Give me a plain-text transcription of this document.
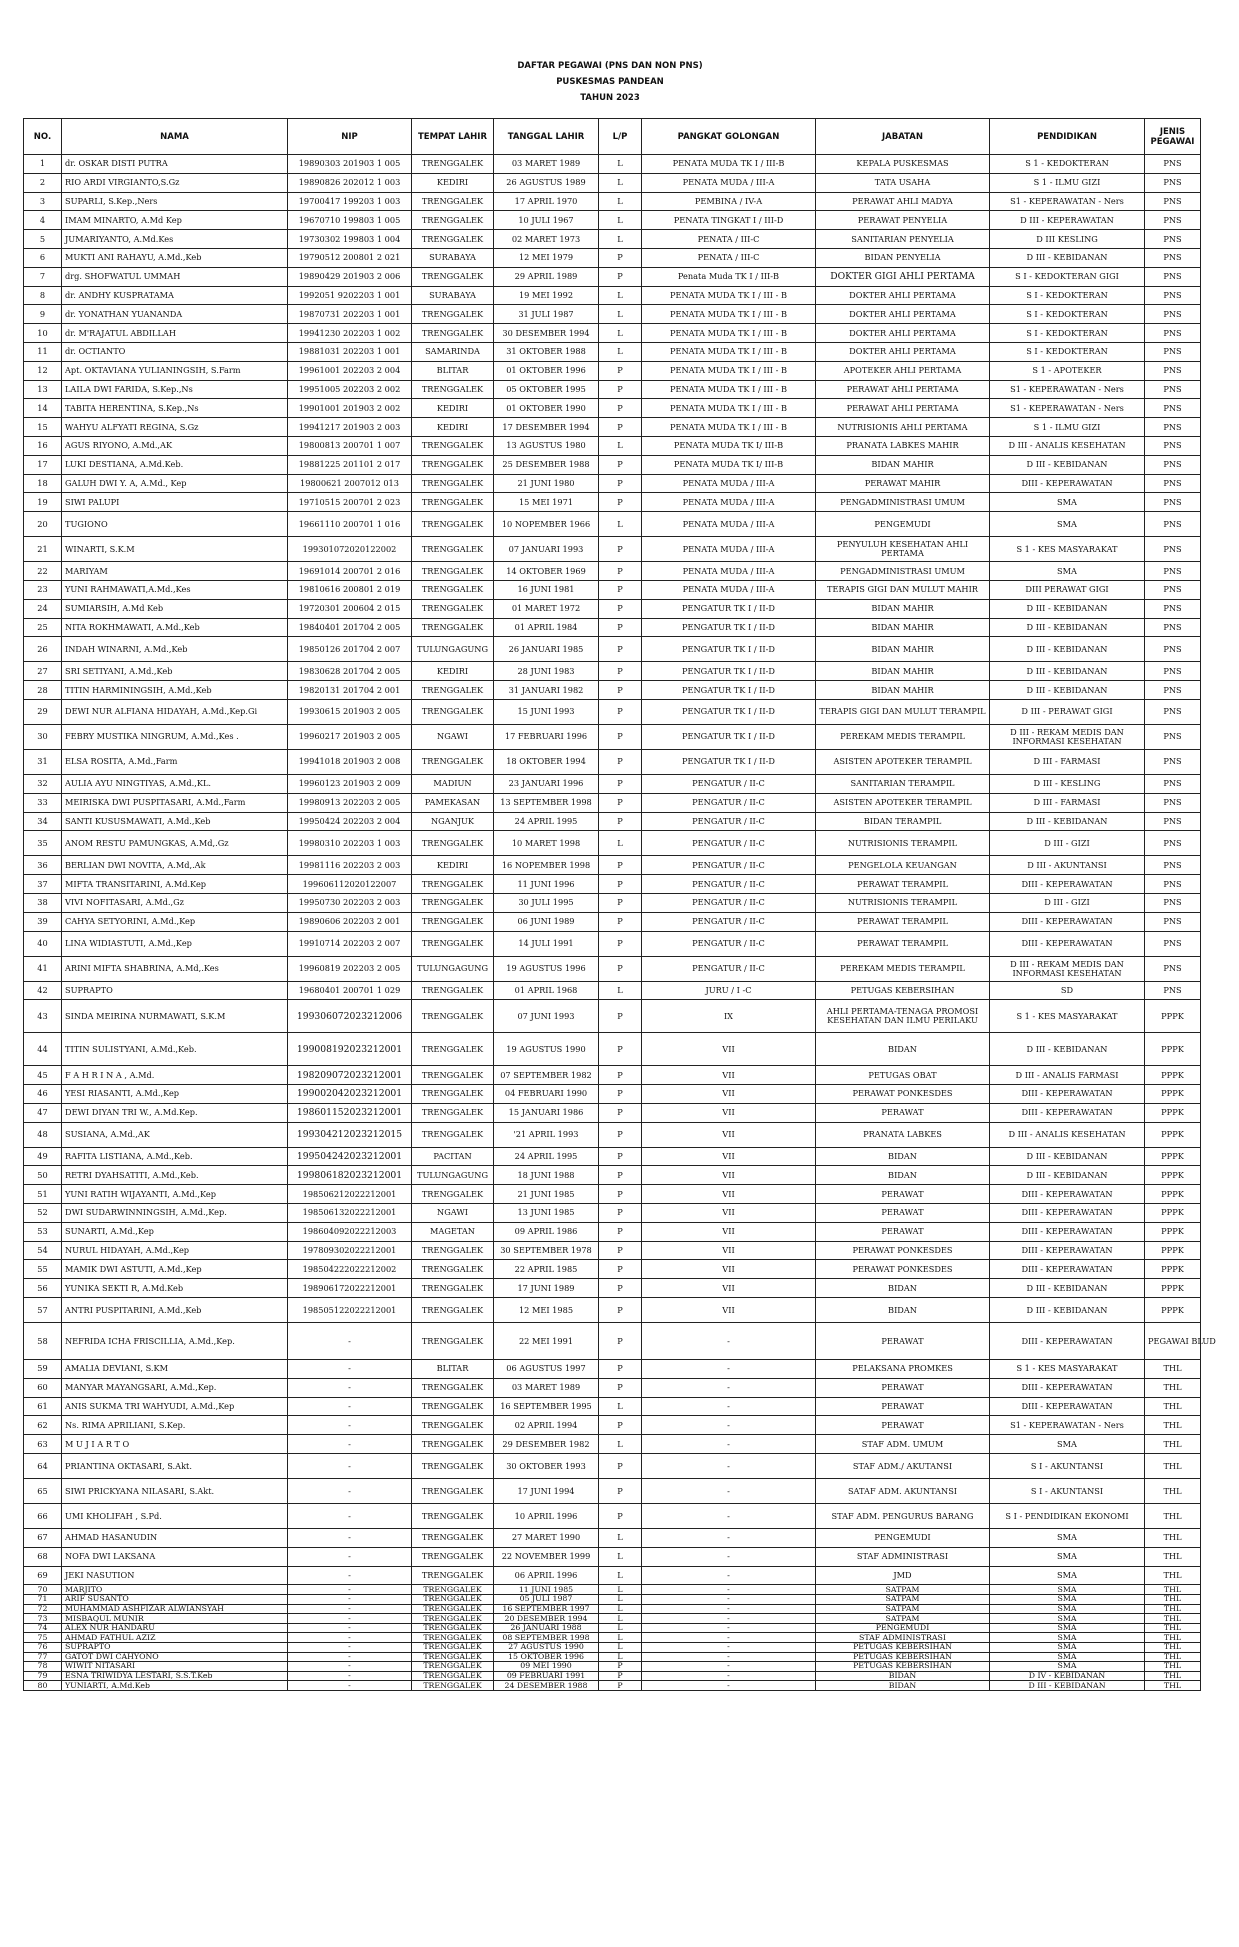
DAFTAR PEGAWAI (PNS DAN NON PNS)
PUSKESMAS PANDEAN
TAHUN 2023
NO.	NAMA	NIP	TEMPAT LAHIR	TANGGAL LAHIR	L/P	PANGKAT GOLONGAN	JABATAN	PENDIDIKAN	JENIS PEGAWAI
1	dr. OSKAR DISTI PUTRA	19890303 201903 1 005	TRENGGALEK	03 MARET 1989	L	PENATA MUDA TK I / III-B	KEPALA PUSKESMAS	S 1 - KEDOKTERAN	PNS
2	RIO ARDI VIRGIANTO,S.Gz	19890826 202012 1 003	KEDIRI	26 AGUSTUS 1989	L	PENATA MUDA / III-A	TATA USAHA	S 1 - ILMU GIZI	PNS
3	SUPARLI, S.Kep.,Ners	19700417 199203 1 003	TRENGGALEK	17 APRIL 1970	L	PEMBINA / IV-A	PERAWAT AHLI MADYA	S1 - KEPERAWATAN - Ners	PNS
4	IMAM MINARTO, A.Md Kep	19670710 199803 1 005	TRENGGALEK	10 JULI 1967	L	PENATA TINGKAT I / III-D	PERAWAT PENYELIA	D III - KEPERAWATAN	PNS
5	JUMARIYANTO, A.Md.Kes	19730302 199803 1 004	TRENGGALEK	02 MARET 1973	L	PENATA / III-C	SANITARIAN PENYELIA	D III KESLING	PNS
6	MUKTI ANI RAHAYU, A.Md.,Keb	19790512 200801 2 021	SURABAYA	12 MEI 1979	P	PENATA / III-C	BIDAN PENYELIA	D III - KEBIDANAN	PNS
7	drg. SHOFWATUL UMMAH	19890429 201903 2 006	TRENGGALEK	29 APRIL 1989	P	Penata Muda TK I / III-B	DOKTER GIGI AHLI PERTAMA	S I - KEDOKTERAN GIGI	PNS
8	dr. ANDHY KUSPRATAMA	1992051 9202203 1 001	SURABAYA	19 MEI 1992	L	PENATA MUDA TK I / III - B	DOKTER AHLI PERTAMA	S I - KEDOKTERAN	PNS
9	dr. YONATHAN YUANANDA	19870731 202203 1 001	TRENGGALEK	31 JULI 1987	L	PENATA MUDA TK I / III - B	DOKTER AHLI PERTAMA	S I - KEDOKTERAN	PNS
10	dr. M'RAJATUL ABDILLAH	19941230 202203 1 002	TRENGGALEK	30 DESEMBER 1994	L	PENATA MUDA TK I / III - B	DOKTER AHLI PERTAMA	S I - KEDOKTERAN	PNS
11	dr. OCTIANTO	19881031 202203 1 001	SAMARINDA	31 OKTOBER 1988	L	PENATA MUDA TK I / III - B	DOKTER AHLI PERTAMA	S I - KEDOKTERAN	PNS
12	Apt. OKTAVIANA YULIANINGSIH, S.Farm	19961001 202203 2 004	BLITAR	01 OKTOBER 1996	P	PENATA MUDA TK I / III - B	APOTEKER AHLI PERTAMA	S 1 - APOTEKER	PNS
13	LAILA DWI FARIDA, S.Kep.,Ns	19951005 202203 2 002	TRENGGALEK	05 OKTOBER 1995	P	PENATA MUDA TK I / III - B	PERAWAT AHLI PERTAMA	S1 - KEPERAWATAN - Ners	PNS
14	TABITA HERENTINA, S.Kep.,Ns	19901001 201903 2 002	KEDIRI	01 OKTOBER 1990	P	PENATA MUDA TK I / III - B	PERAWAT AHLI PERTAMA	S1 - KEPERAWATAN - Ners	PNS
15	WAHYU ALFYATI REGINA, S.Gz	19941217 201903 2 003	KEDIRI	17 DESEMBER 1994	P	PENATA MUDA TK I / III - B	NUTRISIONIS AHLI PERTAMA	S 1 - ILMU GIZI	PNS
16	AGUS RIYONO, A.Md.,AK	19800813 200701 1 007	TRENGGALEK	13 AGUSTUS 1980	L	PENATA MUDA TK I/ III-B	PRANATA LABKES MAHIR	D III - ANALIS KESEHATAN	PNS
17	LUKI DESTIANA, A.Md.Keb.	19881225 201101 2 017	TRENGGALEK	25 DESEMBER 1988	P	PENATA MUDA TK I/ III-B	BIDAN MAHIR	D III - KEBIDANAN	PNS
18	GALUH DWI Y. A, A.Md., Kep	19800621 2007012 013	TRENGGALEK	21 JUNI 1980	P	PENATA MUDA / III-A	PERAWAT MAHIR	DIII - KEPERAWATAN	PNS
19	SIWI PALUPI	19710515 200701 2 023	TRENGGALEK	15 MEI 1971	P	PENATA MUDA / III-A	PENGADMINISTRASI UMUM	SMA	PNS
20	TUGIONO	19661110 200701 1 016	TRENGGALEK	10 NOPEMBER 1966	L	PENATA MUDA / III-A	PENGEMUDI	SMA	PNS
21	WINARTI, S.K.M	199301072020122002	TRENGGALEK	07 JANUARI 1993	P	PENATA MUDA / III-A	PENYULUH KESEHATAN AHLI PERTAMA	S 1 - KES MASYARAKAT	PNS
22	MARIYAM	19691014 200701 2 016	TRENGGALEK	14 OKTOBER 1969	P	PENATA MUDA / III-A	PENGADMINISTRASI UMUM	SMA	PNS
23	YUNI RAHMAWATI,A.Md.,Kes	19810616 200801 2 019	TRENGGALEK	16 JUNI 1981	P	PENATA MUDA / III-A	TERAPIS GIGI DAN MULUT MAHIR	DIII PERAWAT GIGI	PNS
24	SUMIARSIH, A.Md Keb	19720301 200604 2 015	TRENGGALEK	01 MARET 1972	P	PENGATUR TK I / II-D	BIDAN MAHIR	D III - KEBIDANAN	PNS
25	NITA ROKHMAWATI, A.Md.,Keb	19840401 201704 2 005	TRENGGALEK	01 APRIL 1984	P	PENGATUR TK I / II-D	BIDAN MAHIR	D III - KEBIDANAN	PNS
26	INDAH WINARNI, A.Md.,Keb	19850126 201704 2 007	TULUNGAGUNG	26 JANUARI 1985	P	PENGATUR TK I / II-D	BIDAN MAHIR	D III - KEBIDANAN	PNS
27	SRI SETIYANI, A.Md.,Keb	19830628 201704 2 005	KEDIRI	28 JUNI 1983	P	PENGATUR TK I / II-D	BIDAN MAHIR	D III - KEBIDANAN	PNS
28	TITIN HARMININGSIH, A.Md.,Keb	19820131 201704 2 001	TRENGGALEK	31 JANUARI 1982	P	PENGATUR TK I / II-D	BIDAN MAHIR	D III - KEBIDANAN	PNS
29	DEWI NUR ALFIANA HIDAYAH, A.Md.,Kep.Gi	19930615 201903 2 005	TRENGGALEK	15 JUNI 1993	P	PENGATUR TK I / II-D	TERAPIS GIGI DAN MULUT TERAMPIL	D III - PERAWAT GIGI	PNS
30	FEBRY MUSTIKA NINGRUM, A.Md.,Kes .	19960217 201903 2 005	NGAWI	17 FEBRUARI 1996	P	PENGATUR TK I / II-D	PEREKAM MEDIS TERAMPIL	D III - REKAM MEDIS DAN INFORMASI KESEHATAN	PNS
31	ELSA ROSITA, A.Md.,Farm	19941018 201903 2 008	TRENGGALEK	18 OKTOBER 1994	P	PENGATUR TK I / II-D	ASISTEN APOTEKER TERAMPIL	D III - FARMASI	PNS
32	AULIA AYU NINGTIYAS, A.Md.,KL.	19960123 201903 2 009	MADIUN	23 JANUARI 1996	P	PENGATUR / II-C	SANITARIAN TERAMPIL	D III - KESLING	PNS
33	MEIRISKA DWI PUSPITASARI, A.Md.,Farm	19980913 202203 2 005	PAMEKASAN	13 SEPTEMBER 1998	P	PENGATUR / II-C	ASISTEN APOTEKER TERAMPIL	D III - FARMASI	PNS
34	SANTI KUSUSMAWATI, A.Md.,Keb	19950424 202203 2 004	NGANJUK	24 APRIL 1995	P	PENGATUR / II-C	BIDAN TERAMPIL	D III - KEBIDANAN	PNS
35	ANOM RESTU PAMUNGKAS, A.Md,.Gz	19980310 202203 1 003	TRENGGALEK	10 MARET 1998	L	PENGATUR / II-C	NUTRISIONIS TERAMPIL	D III - GIZI	PNS
36	BERLIAN DWI NOVITA, A.Md,.Ak	19981116 202203 2 003	KEDIRI	16 NOPEMBER 1998	P	PENGATUR / II-C	PENGELOLA KEUANGAN	D III - AKUNTANSI	PNS
37	MIFTA TRANSITARINI, A.Md.Kep	199606112020122007	TRENGGALEK	11 JUNI 1996	P	PENGATUR / II-C	PERAWAT TERAMPIL	DIII - KEPERAWATAN	PNS
38	VIVI NOFITASARI, A.Md.,Gz	19950730 202203 2 003	TRENGGALEK	30 JULI 1995	P	PENGATUR / II-C	NUTRISIONIS TERAMPIL	D III - GIZI	PNS
39	CAHYA SETYORINI, A.Md.,Kep	19890606 202203 2 001	TRENGGALEK	06 JUNI 1989	P	PENGATUR / II-C	PERAWAT TERAMPIL	DIII - KEPERAWATAN	PNS
40	LINA WIDIASTUTI, A.Md.,Kep	19910714 202203 2 007	TRENGGALEK	14 JULI 1991	P	PENGATUR / II-C	PERAWAT TERAMPIL	DIII - KEPERAWATAN	PNS
41	ARINI MIFTA SHABRINA, A.Md,.Kes	19960819 202203 2 005	TULUNGAGUNG	19 AGUSTUS 1996	P	PENGATUR / II-C	PEREKAM MEDIS TERAMPIL	D III - REKAM MEDIS DAN INFORMASI KESEHATAN	PNS
42	SUPRAPTO	19680401 200701 1 029	TRENGGALEK	01 APRIL 1968	L	JURU / I -C	PETUGAS KEBERSIHAN	SD	PNS
43	SINDA MEIRINA NURMAWATI, S.K.M	199306072023212006	TRENGGALEK	07 JUNI 1993	P	IX	AHLI PERTAMA-TENAGA PROMOSI KESEHATAN DAN ILMU PERILAKU	S 1 - KES MASYARAKAT	PPPK
44	TITIN SULISTYANI, A.Md.,Keb.	199008192023212001	TRENGGALEK	19 AGUSTUS 1990	P	VII	BIDAN	D III - KEBIDANAN	PPPK
45	F A H R I N A , A.Md.	198209072023212001	TRENGGALEK	07 SEPTEMBER 1982	P	VII	PETUGAS OBAT	D III - ANALIS FARMASI	PPPK
46	YESI RIASANTI, A.Md.,Kep	199002042023212001	TRENGGALEK	04 FEBRUARI 1990	P	VII	PERAWAT PONKESDES	DIII - KEPERAWATAN	PPPK
47	DEWI DIYAN TRI W., A.Md.Kep.	198601152023212001	TRENGGALEK	15 JANUARI 1986	P	VII	PERAWAT	DIII - KEPERAWATAN	PPPK
48	SUSIANA, A.Md.,AK	199304212023212015	TRENGGALEK	'21 APRIL 1993	P	VII	PRANATA LABKES	D III - ANALIS KESEHATAN	PPPK
49	RAFITA LISTIANA, A.Md.,Keb.	199504242023212001	PACITAN	24 APRIL 1995	P	VII	BIDAN	D III - KEBIDANAN	PPPK
50	RETRI DYAHSATITI, A.Md.,Keb.	199806182023212001	TULUNGAGUNG	18 JUNI 1988	P	VII	BIDAN	D III - KEBIDANAN	PPPK
51	YUNI RATIH WIJAYANTI, A.Md.,Kep	198506212022212001	TRENGGALEK	21 JUNI 1985	P	VII	PERAWAT	DIII - KEPERAWATAN	PPPK
52	DWI SUDARWINNINGSIH, A.Md.,Kep.	198506132022212001	NGAWI	13 JUNI 1985	P	VII	PERAWAT	DIII - KEPERAWATAN	PPPK
53	SUNARTI, A.Md.,Kep	198604092022212003	MAGETAN	09 APRIL 1986	P	VII	PERAWAT	DIII - KEPERAWATAN	PPPK
54	NURUL HIDAYAH, A.Md.,Kep	197809302022212001	TRENGGALEK	30 SEPTEMBER 1978	P	VII	PERAWAT PONKESDES	DIII - KEPERAWATAN	PPPK
55	MAMIK DWI ASTUTI, A.Md.,Kep	198504222022212002	TRENGGALEK	22 APRIL 1985	P	VII	PERAWAT PONKESDES	DIII - KEPERAWATAN	PPPK
56	YUNIKA SEKTI R, A.Md.Keb	198906172022212001	TRENGGALEK	17 JUNI 1989	P	VII	BIDAN	D III - KEBIDANAN	PPPK
57	ANTRI PUSPITARINI, A.Md.,Keb	198505122022212001	TRENGGALEK	12 MEI 1985	P	VII	BIDAN	D III - KEBIDANAN	PPPK
58	NEFRIDA ICHA FRISCILLIA, A.Md.,Kep.	-	TRENGGALEK	22 MEI 1991	P	-	PERAWAT	DIII - KEPERAWATAN	PEGAWAI BLUD
59	AMALIA DEVIANI, S.KM	-	BLITAR	06 AGUSTUS 1997	P	-	PELAKSANA PROMKES	S 1 - KES MASYARAKAT	THL
60	MANYAR MAYANGSARI, A.Md.,Kep.	-	TRENGGALEK	03 MARET 1989	P	-	PERAWAT	DIII - KEPERAWATAN	THL
61	ANIS SUKMA TRI WAHYUDI, A.Md.,Kep	-	TRENGGALEK	16 SEPTEMBER 1995	L	-	PERAWAT	DIII - KEPERAWATAN	THL
62	Ns. RIMA APRILIANI, S.Kep.	-	TRENGGALEK	02 APRIL 1994	P	-	PERAWAT	S1 - KEPERAWATAN - Ners	THL
63	M U J I A R T O	-	TRENGGALEK	29 DESEMBER 1982	L	-	STAF ADM. UMUM	SMA	THL
64	PRIANTINA OKTASARI, S.Akt.	-	TRENGGALEK	30 OKTOBER 1993	P	-	STAF ADM./ AKUTANSI	S I - AKUNTANSI	THL
65	SIWI PRICKYANA NILASARI, S.Akt.	-	TRENGGALEK	17 JUNI 1994	P	-	SATAF ADM. AKUNTANSI	S I - AKUNTANSI	THL
66	UMI KHOLIFAH , S.Pd.	-	TRENGGALEK	10 APRIL 1996	P	-	STAF ADM. PENGURUS BARANG	S I - PENDIDIKAN EKONOMI	THL
67	AHMAD HASANUDIN	-	TRENGGALEK	27 MARET 1990	L	-	PENGEMUDI	SMA	THL
68	NOFA DWI LAKSANA	-	TRENGGALEK	22 NOVEMBER 1999	L	-	STAF ADMINISTRASI	SMA	THL
69	JEKI NASUTION	-	TRENGGALEK	06 APRIL 1996	L	-	JMD	SMA	THL
70	MARJITO	-	TRENGGALEK	11 JUNI 1985	L	-	SATPAM	SMA	THL
71	ARIF SUSANTO	-	TRENGGALEK	05 JULI 1987	L	-	SATPAM	SMA	THL
72	MUHAMMAD ASHFIZAR ALWIANSYAH	-	TRENGGALEK	16 SEPTEMBER 1997	L	-	SATPAM	SMA	THL
73	MISBAQUL MUNIR	-	TRENGGALEK	20 DESEMBER 1994	L	-	SATPAM	SMA	THL
74	ALEX NUR HANDARU	-	TRENGGALEK	26 JANUARI 1988	L	-	PENGEMUDI	SMA	THL
75	AHMAD FATHUL AZIZ	-	TRENGGALEK	08 SEPTEMBER 1998	L	-	STAF ADMINISTRASI	SMA	THL
76	SUPRAPTO	-	TRENGGALEK	27 AGUSTUS 1990	L	-	PETUGAS KEBERSIHAN	SMA	THL
77	GATOT DWI CAHYONO	-	TRENGGALEK	15 OKTOBER 1996	L	-	PETUGAS KEBERSIHAN	SMA	THL
78	WIWIT NITASARI	-	TRENGGALEK	09 MEI 1990	P	-	PETUGAS KEBERSIHAN	SMA	THL
79	ESNA TRIWIDYA LESTARI, S.S.T.Keb	-	TRENGGALEK	09 FEBRUARI 1991	P	-	BIDAN	D IV - KEBIDANAN	THL
80	YUNIARTI, A.Md.Keb	-	TRENGGALEK	24 DESEMBER 1988	P	-	BIDAN	D III - KEBIDANAN	THL
